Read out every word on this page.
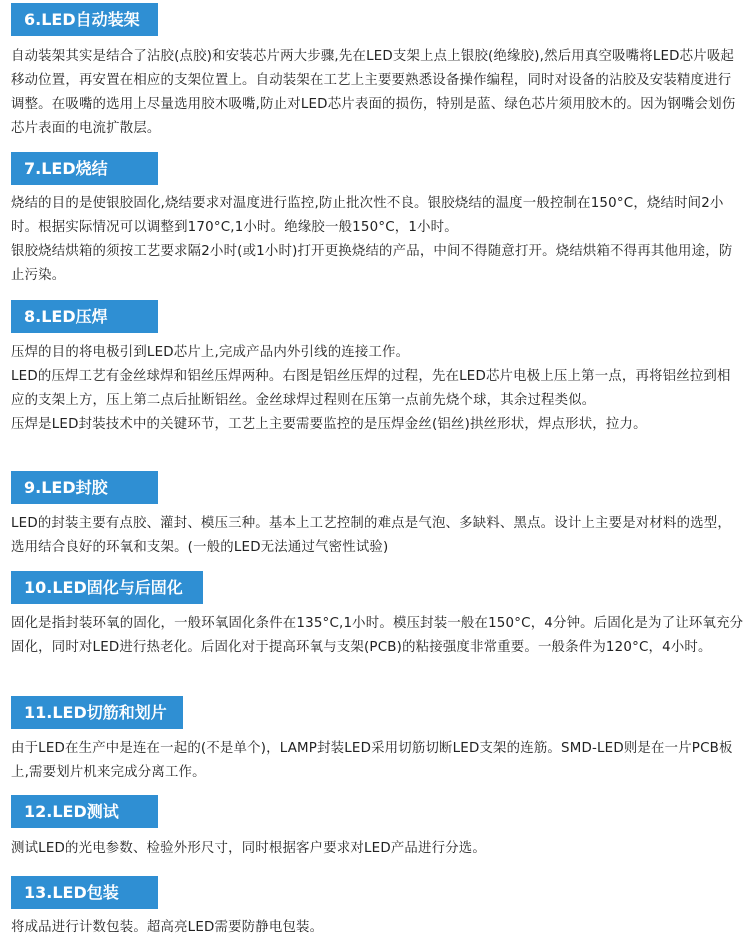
6.LED自动装架

自动装架其实是结合了沾胶(点胶)和安装芯片两大步骤,先在LED支架上点上银胶(绝缘胶),然后用真空吸嘴将LED芯片吸起移动位置，再安置在相应的支架位置上。自动装架在工艺上主要要熟悉设备操作编程，同时对设备的沾胶及安装精度进行调整。在吸嘴的选用上尽量选用胶木吸嘴,防止对LED芯片表面的损伤，特别是蓝、绿色芯片须用胶木的。因为钢嘴会划伤芯片表面的电流扩散层。

7.LED烧结

烧结的目的是使银胶固化,烧结要求对温度进行监控,防止批次性不良。银胶烧结的温度一般控制在150°C，烧结时间2小时。根据实际情况可以调整到170°C,1小时。绝缘胶一般150°C，1小时。

银胶烧结烘箱的须按工艺要求隔2小时(或1小时)打开更换烧结的产品，中间不得随意打开。烧结烘箱不得再其他用途，防止污染。

8.LED压焊

压焊的目的将电极引到LED芯片上,完成产品内外引线的连接工作。

LED的压焊工艺有金丝球焊和铝丝压焊两种。右图是铝丝压焊的过程，先在LED芯片电极上压上第一点，再将铝丝拉到相应的支架上方，压上第二点后扯断铝丝。金丝球焊过程则在压第一点前先烧个球，其余过程类似。

压焊是LED封装技术中的关键环节，工艺上主要需要监控的是压焊金丝(铝丝)拱丝形状，焊点形状，拉力。

9.LED封胶

LED的封装主要有点胶、灌封、模压三种。基本上工艺控制的难点是气泡、多缺料、黑点。设计上主要是对材料的选型，选用结合良好的环氧和支架。(一般的LED无法通过气密性试验)

10.LED固化与后固化

固化是指封装环氧的固化，一般环氧固化条件在135°C,1小时。模压封装一般在150°C，4分钟。后固化是为了让环氧充分固化，同时对LED进行热老化。后固化对于提高环氧与支架(PCB)的粘接强度非常重要。一般条件为120°C，4小时。

11.LED切筋和划片

由于LED在生产中是连在一起的(不是单个)，LAMP封装LED采用切筋切断LED支架的连筋。SMD-LED则是在一片PCB板上,需要划片机来完成分离工作。

12.LED测试

测试LED的光电参数、检验外形尺寸，同时根据客户要求对LED产品进行分选。

13.LED包装

将成品进行计数包装。超高亮LED需要防静电包装。
